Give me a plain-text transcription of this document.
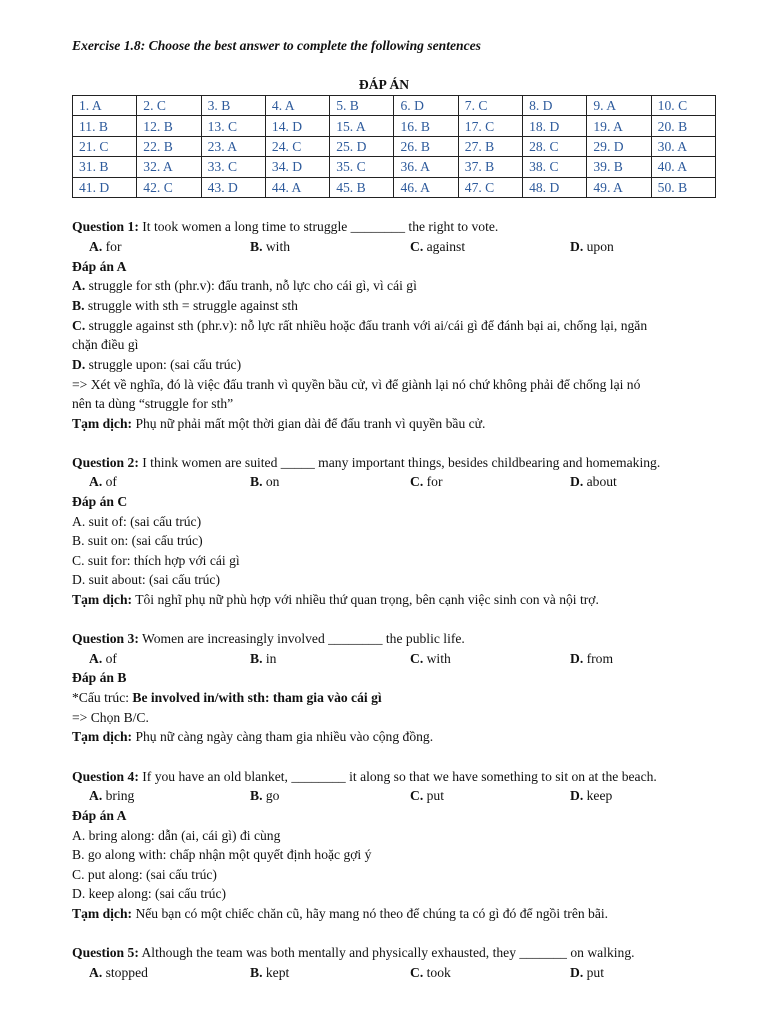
Exercise 1.8: Choose the best answer to complete the following sentences
ĐÁP ÁN
1. A	2. C	3. B	4. A	5. B	6. D	7. C	8. D	9. A	10. C
11. B	12. B	13. C	14. D	15. A	16. B	17. C	18. D	19. A	20. B
21. C	22. B	23. A	24. C	25. D	26. B	27. B	28. C	29. D	30. A
31. B	32. A	33. C	34. D	35. C	36. A	37. B	38. C	39. B	40. A
41. D	42. C	43. D	44. A	45. B	46. A	47. C	48. D	49. A	50. B
Question 1: It took women a long time to struggle ________ the right to vote.
A. for	B. with	C. against	D. upon
Đáp án A
A. struggle for sth (phr.v): đấu tranh, nỗ lực cho cái gì, vì cái gì
B. struggle with sth = struggle against sth
C. struggle against sth (phr.v): nỗ lực rất nhiều hoặc đấu tranh với ai/cái gì để đánh bại ai, chống lại, ngăn
chặn điều gì
D. struggle upon: (sai cấu trúc)
=> Xét về nghĩa, đó là việc đấu tranh vì quyền bầu cử, vì để giành lại nó chứ không phải để chống lại nó
nên ta dùng “struggle for sth”
Tạm dịch: Phụ nữ phải mất một thời gian dài để đấu tranh vì quyền bầu cử.
Question 2: I think women are suited _____ many important things, besides childbearing and homemaking.
A. of	B. on	C. for	D. about
Đáp án C
A. suit of: (sai cấu trúc)
B. suit on: (sai cấu trúc)
C. suit for: thích hợp với cái gì
D. suit about: (sai cấu trúc)
Tạm dịch: Tôi nghĩ phụ nữ phù hợp với nhiều thứ quan trọng, bên cạnh việc sinh con và nội trợ.
Question 3: Women are increasingly involved ________ the public life.
A. of	B. in	C. with	D. from
Đáp án B
*Cấu trúc: Be involved in/with sth: tham gia vào cái gì
=> Chọn B/C.
Tạm dịch: Phụ nữ càng ngày càng tham gia nhiều vào cộng đồng.
Question 4: If you have an old blanket, ________ it along so that we have something to sit on at the beach.
A. bring	B. go	C. put	D. keep
Đáp án A
A. bring along: dẫn (ai, cái gì) đi cùng
B. go along with: chấp nhận một quyết định hoặc gợi ý
C. put along: (sai cấu trúc)
D. keep along: (sai cấu trúc)
Tạm dịch: Nếu bạn có một chiếc chăn cũ, hãy mang nó theo để chúng ta có gì đó để ngồi trên bãi.
Question 5: Although the team was both mentally and physically exhausted, they _______ on walking.
A. stopped	B. kept	C. took	D. put
